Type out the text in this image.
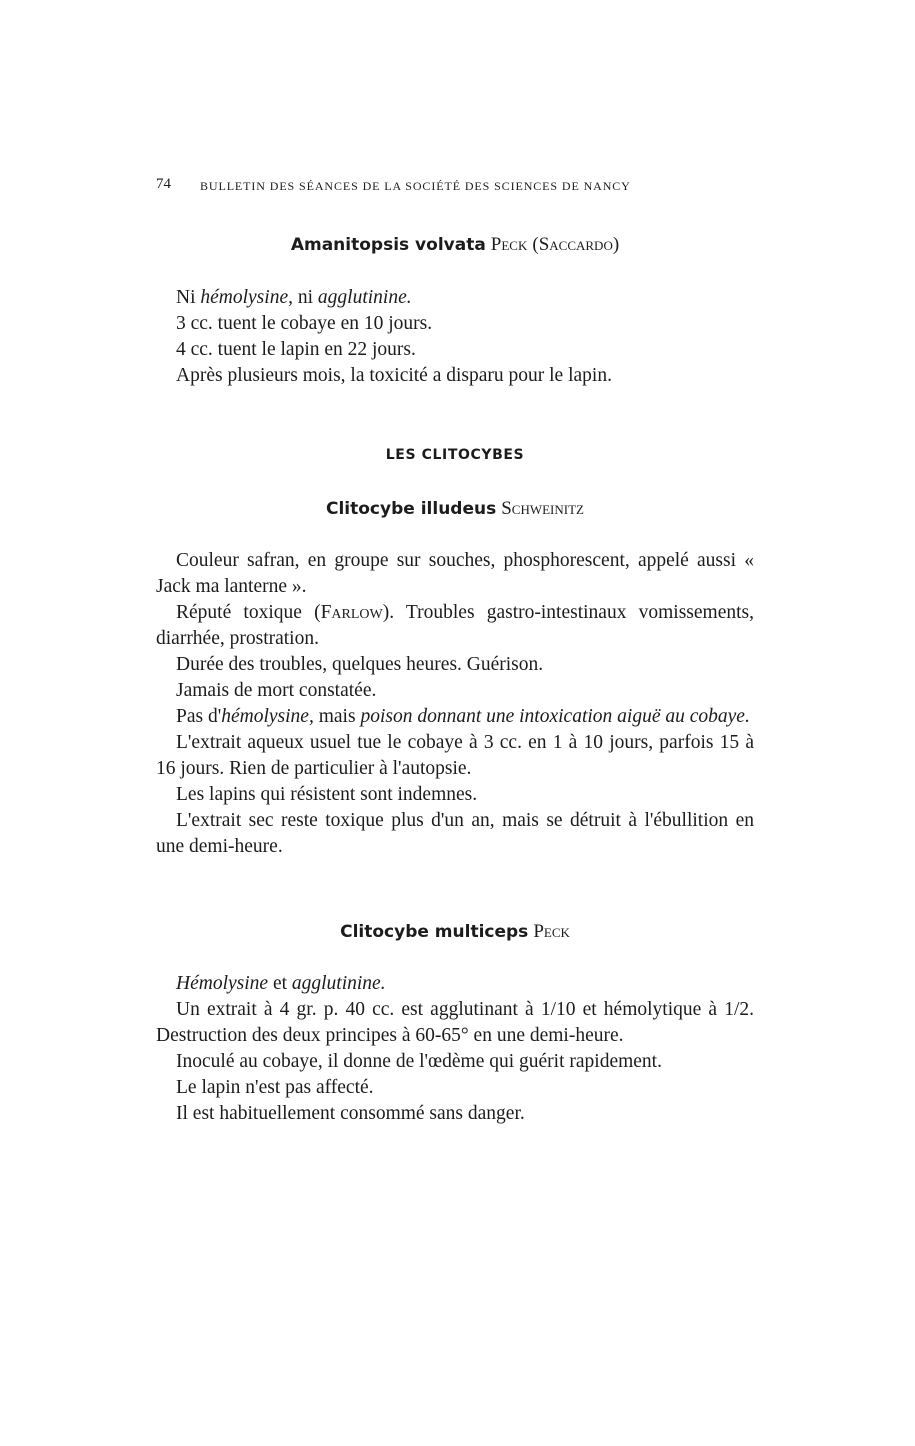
74 BULLETIN DES SÉANCES DE LA SOCIÉTÉ DES SCIENCES DE NANCY
Amanitopsis volvata Peck (Saccardo)

Ni hémolysine, ni agglutinine.

3 cc. tuent le cobaye en 10 jours.

4 cc. tuent le lapin en 22 jours.

Après plusieurs mois, la toxicité a disparu pour le lapin.

LES CLITOCYBES
Clitocybe illudeus Schweinitz

Couleur safran, en groupe sur souches, phosphorescent, appelé aussi « Jack ma lanterne ».

Réputé toxique (Farlow). Troubles gastro-intestinaux vomissements, diarrhée, prostration.

Durée des troubles, quelques heures. Guérison.

Jamais de mort constatée.

Pas d'hémolysine, mais poison donnant une intoxication aiguë au cobaye.

L'extrait aqueux usuel tue le cobaye à 3 cc. en 1 à 10 jours, parfois 15 à 16 jours. Rien de particulier à l'autopsie.

Les lapins qui résistent sont indemnes.

L'extrait sec reste toxique plus d'un an, mais se détruit à l'ébullition en une demi-heure.

Clitocybe multiceps Peck

Hémolysine et agglutinine.

Un extrait à 4 gr. p. 40 cc. est agglutinant à 1/10 et hémolytique à 1/2. Destruction des deux principes à 60-65° en une demi-heure.

Inoculé au cobaye, il donne de l'œdème qui guérit rapidement.

Le lapin n'est pas affecté.

Il est habituellement consommé sans danger.
